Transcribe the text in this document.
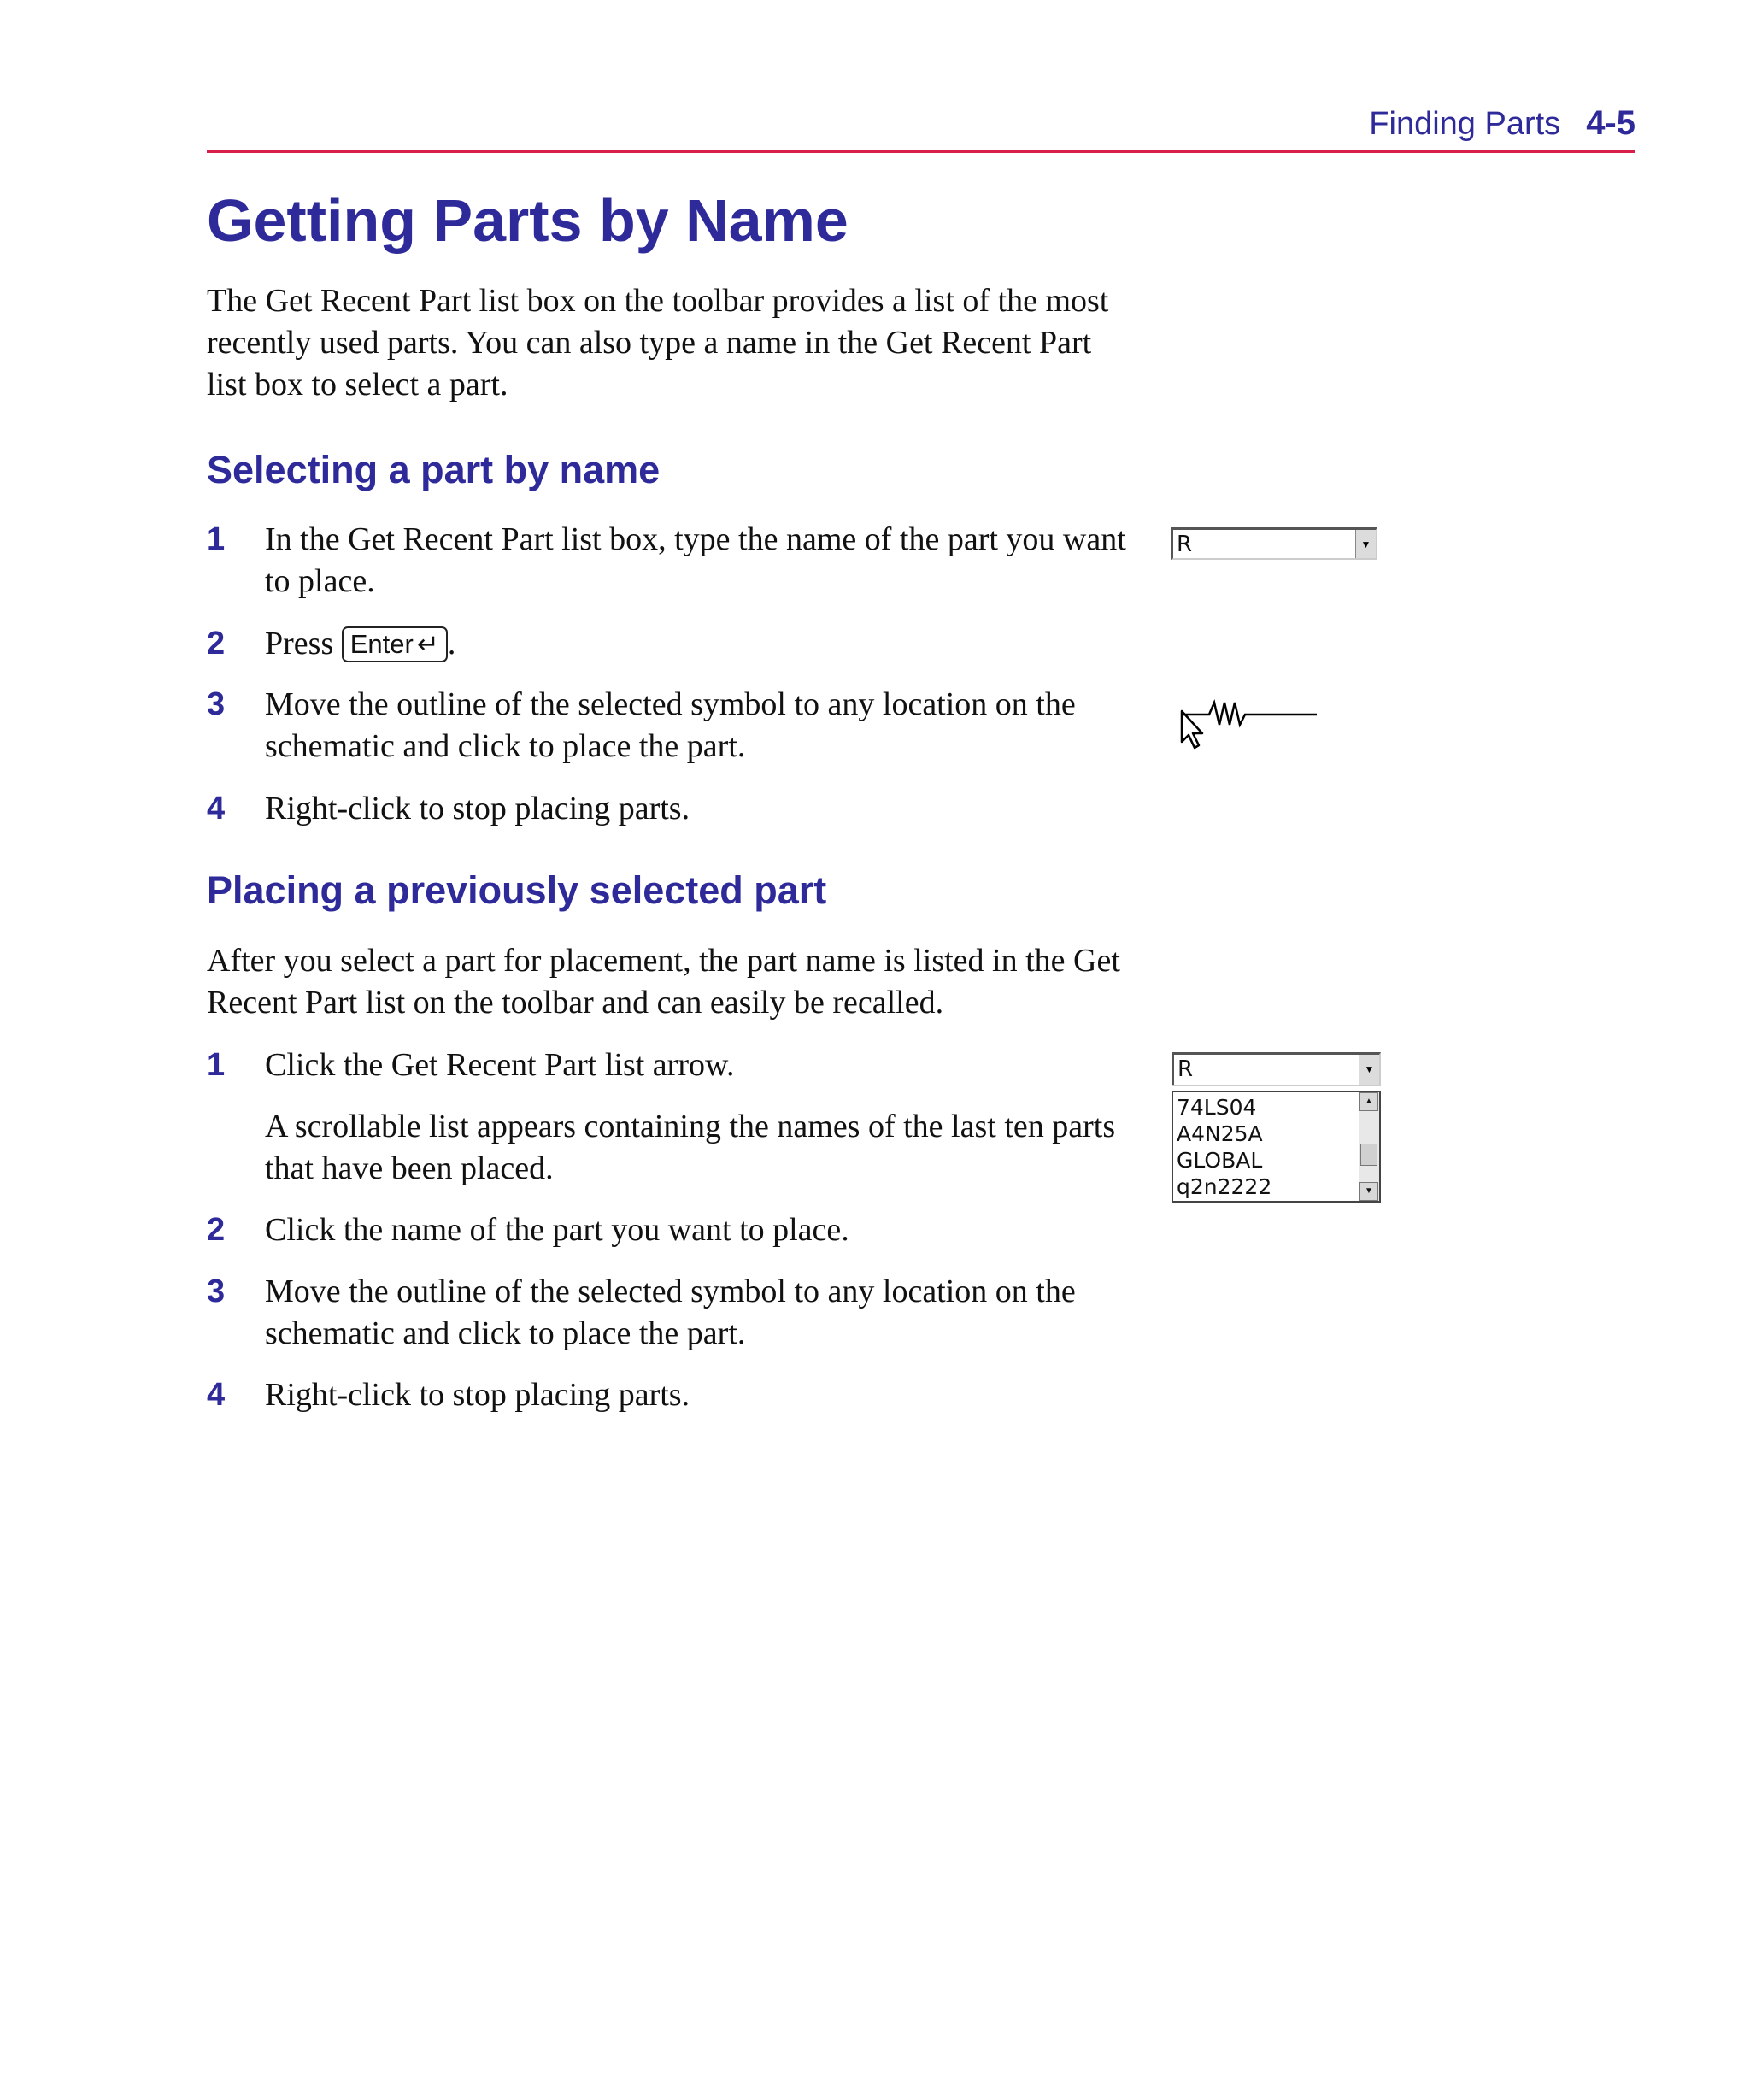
Finding Parts 4-5
Getting Parts by Name

The Get Recent Part list box on the toolbar provides a list of the most recently used parts. You can also type a name in the Get Recent Part list box to select a part.

Selecting a part by name
1 In the Get Recent Part list box, type the name of the part you want to place.
2 Press Enter ↵ .
3 Move the outline of the selected symbol to any location on the schematic and click to place the part.
4 Right-click to stop placing parts.
R	▼
Placing a previously selected part

After you select a part for placement, the part name is listed in the Get Recent Part list on the toolbar and can easily be recalled.

1 Click the Get Recent Part list arrow.

A scrollable list appears containing the names of the last ten parts that have been placed.

2 Click the name of the part you want to place.
3 Move the outline of the selected symbol to any location on the schematic and click to place the part.
4 Right-click to stop placing parts.
R	▼
74LS04
A4N25A
GLOBAL
q2n2222
▲
▼
